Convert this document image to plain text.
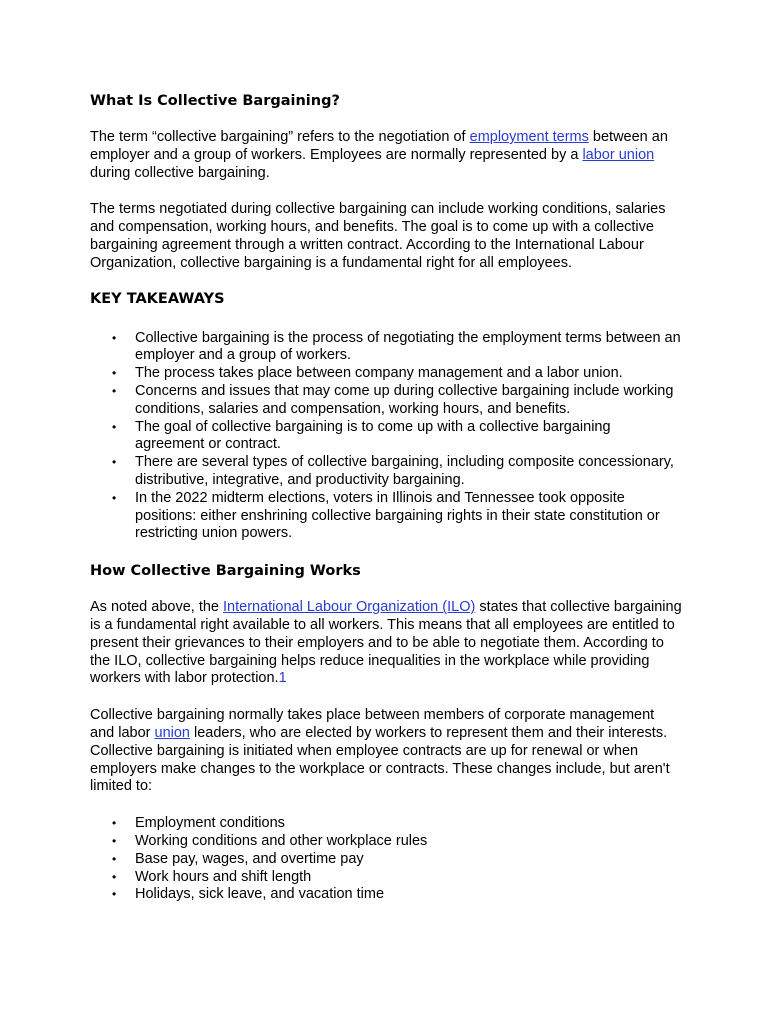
What Is Collective Bargaining?

The term “collective bargaining” refers to the negotiation of employment terms between an employer and a group of workers. Employees are normally represented by a labor union during collective bargaining.

The terms negotiated during collective bargaining can include working conditions, salaries and compensation, working hours, and benefits. The goal is to come up with a collective bargaining agreement through a written contract. According to the International Labour Organization, collective bargaining is a fundamental right for all employees.

KEY TAKEAWAYS
• Collective bargaining is the process of negotiating the employment terms between an employer and a group of workers.
• The process takes place between company management and a labor union.
• Concerns and issues that may come up during collective bargaining include working conditions, salaries and compensation, working hours, and benefits.
• The goal of collective bargaining is to come up with a collective bargaining agreement or contract.
• There are several types of collective bargaining, including composite concessionary, distributive, integrative, and productivity bargaining.
• In the 2022 midterm elections, voters in Illinois and Tennessee took opposite positions: either enshrining collective bargaining rights in their state constitution or restricting union powers.
How Collective Bargaining Works

As noted above, the International Labour Organization (ILO) states that collective bargaining is a fundamental right available to all workers. This means that all employees are entitled to present their grievances to their employers and to be able to negotiate them. According to the ILO, collective bargaining helps reduce inequalities in the workplace while providing workers with labor protection.1

Collective bargaining normally takes place between members of corporate management and labor union leaders, who are elected by workers to represent them and their interests. Collective bargaining is initiated when employee contracts are up for renewal or when employers make changes to the workplace or contracts. These changes include, but aren't limited to:

• Employment conditions
• Working conditions and other workplace rules
• Base pay, wages, and overtime pay
• Work hours and shift length
• Holidays, sick leave, and vacation time
